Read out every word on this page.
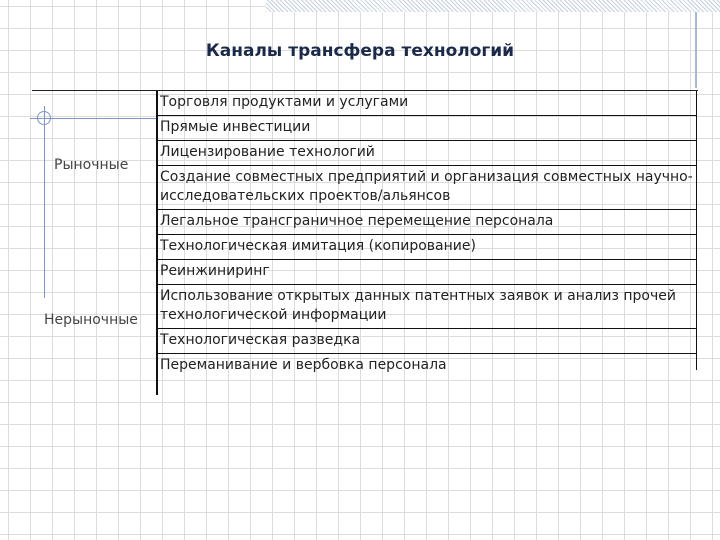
Каналы трансфера технологий

Рыночные

Нерыночные

Торговля продуктами и услугами
Прямые инвестиции
Лицензирование технологий
Создание совместных предприятий и организация совместных научно-исследовательских проектов/альянсов
Легальное трансграничное перемещение персонала
Технологическая имитация (копирование)
Реинжиниринг
Использование открытых данных патентных заявок и анализ прочей технологической информации
Технологическая разведка
Переманивание и вербовка персонала
